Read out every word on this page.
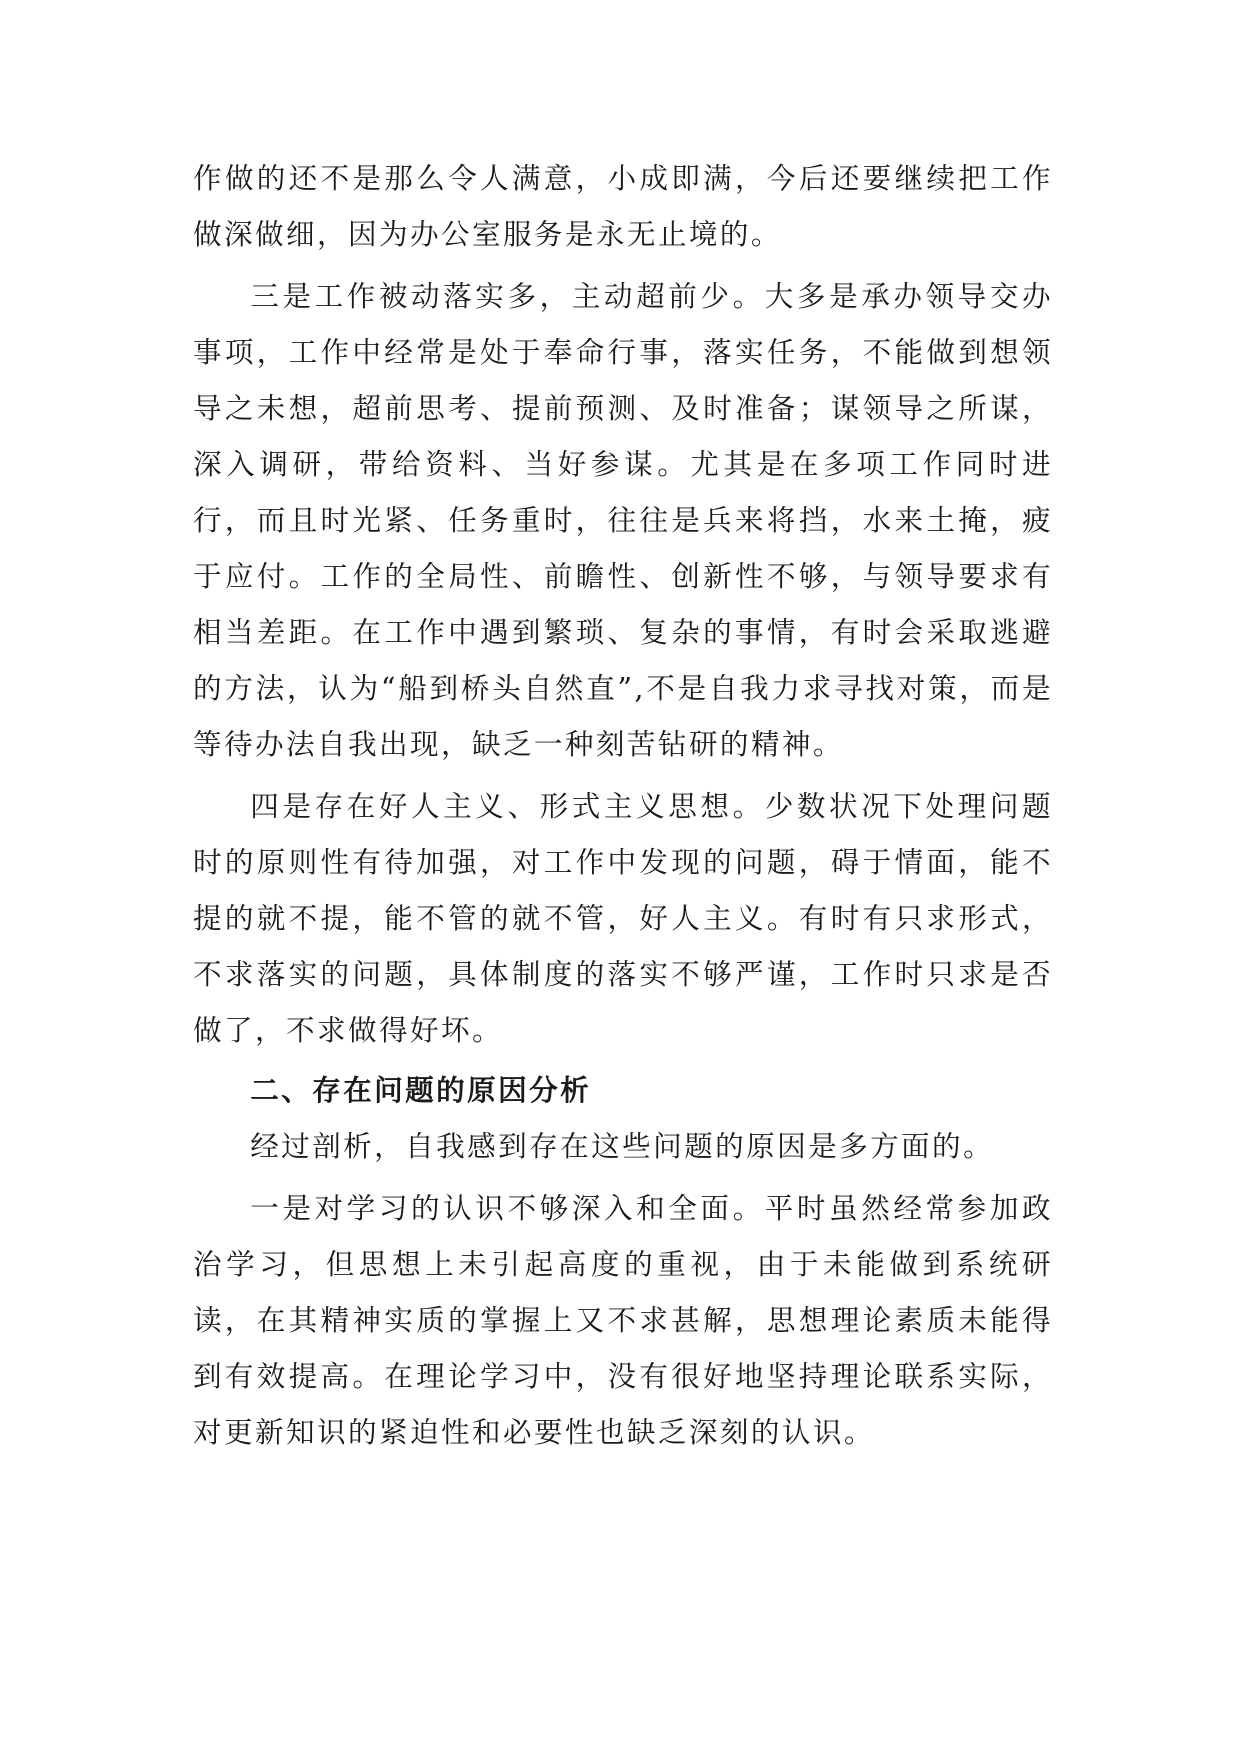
作做的还不是那么令人满意，小成即满，今后还要继续把工作做深做细，因为办公室服务是永无止境的。

三是工作被动落实多，主动超前少。大多是承办领导交办事项，工作中经常是处于奉命行事，落实任务，不能做到想领导之未想，超前思考、提前预测、及时准备；谋领导之所谋，深入调研，带给资料、当好参谋。尤其是在多项工作同时进行，而且时光紧、任务重时，往往是兵来将挡，水来土掩，疲于应付。工作的全局性、前瞻性、创新性不够，与领导要求有相当差距。在工作中遇到繁琐、复杂的事情，有时会采取逃避的方法，认为“船到桥头自然直”,不是自我力求寻找对策，而是等待办法自我出现，缺乏一种刻苦钻研的精神。

四是存在好人主义、形式主义思想。少数状况下处理问题时的原则性有待加强，对工作中发现的问题，碍于情面，能不提的就不提，能不管的就不管，好人主义。有时有只求形式，不求落实的问题，具体制度的落实不够严谨，工作时只求是否做了，不求做得好坏。

二、存在问题的原因分析

经过剖析，自我感到存在这些问题的原因是多方面的。

一是对学习的认识不够深入和全面。平时虽然经常参加政治学习，但思想上未引起高度的重视，由于未能做到系统研读，在其精神实质的掌握上又不求甚解，思想理论素质未能得到有效提高。在理论学习中，没有很好地坚持理论联系实际，对更新知识的紧迫性和必要性也缺乏深刻的认识。
